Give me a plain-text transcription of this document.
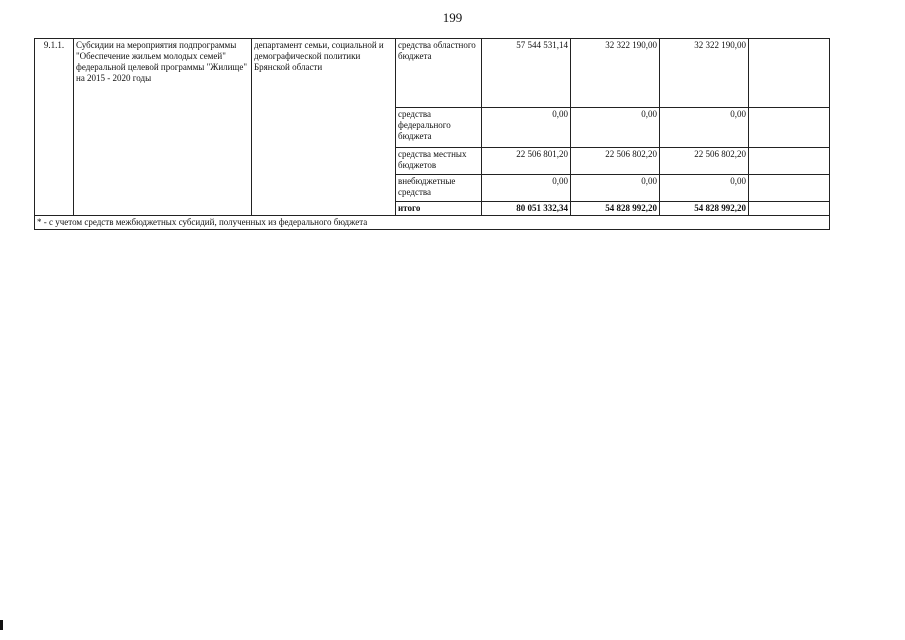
199
9.1.1.	Субсидии на мероприятия подпрограммы "Обеспечение жильем молодых семей" федеральной целевой программы "Жилище" на 2015 - 2020 годы	департамент семьи, социальной и демографической политики Брянской области	средства областного бюджета	57 544 531,14	32 322 190,00	32 322 190,00	
			средства федерального бюджета	0,00	0,00	0,00	
			средства местных бюджетов	22 506 801,20	22 506 802,20	22 506 802,20	
			внебюджетные средства	0,00	0,00	0,00	
			итого	80 051 332,34	54 828 992,20	54 828 992,20	
* - с учетом средств межбюджетных субсидий, полученных из федерального бюджета							
